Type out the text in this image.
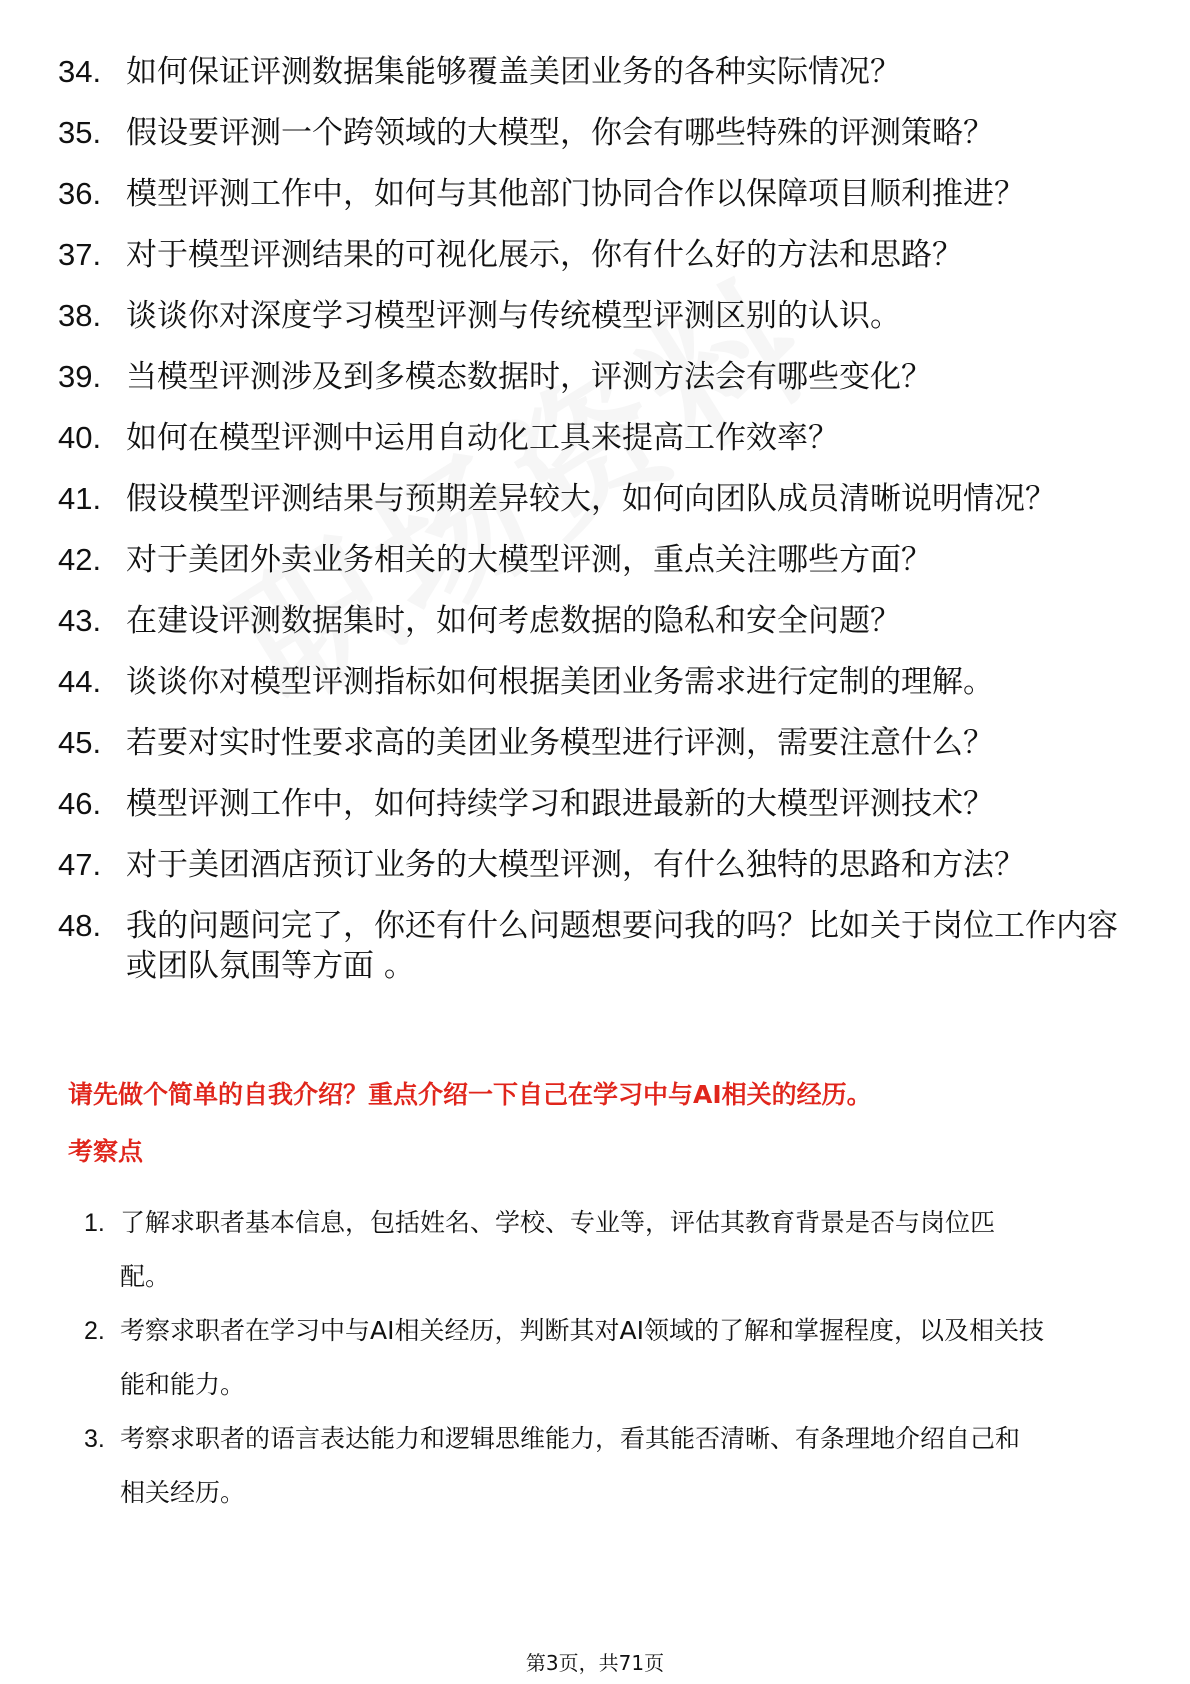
34. 如何保证评测数据集能够覆盖美团业务的各种实际情况？
35. 假设要评测一个跨领域的大模型，你会有哪些特殊的评测策略？
36. 模型评测工作中，如何与其他部门协同合作以保障项目顺利推进？
37. 对于模型评测结果的可视化展示，你有什么好的方法和思路？
38. 谈谈你对深度学习模型评测与传统模型评测区别的认识。
39. 当模型评测涉及到多模态数据时，评测方法会有哪些变化？
40. 如何在模型评测中运用自动化工具来提高工作效率？
41. 假设模型评测结果与预期差异较大，如何向团队成员清晰说明情况？
42. 对于美团外卖业务相关的大模型评测，重点关注哪些方面？
43. 在建设评测数据集时，如何考虑数据的隐私和安全问题？
44. 谈谈你对模型评测指标如何根据美团业务需求进行定制的理解。
45. 若要对实时性要求高的美团业务模型进行评测，需要注意什么？
46. 模型评测工作中，如何持续学习和跟进最新的大模型评测技术？
47. 对于美团酒店预订业务的大模型评测，有什么独特的思路和方法？
48. 我的问题问完了，你还有什么问题想要问我的吗？比如关于岗位工作内容或团队氛围等方面 。
请先做个简单的自我介绍？重点介绍一下自己在学习中与AI相关的经历。
考察点
1. 了解求职者基本信息，包括姓名、学校、专业等，评估其教育背景是否与岗位匹配。
2. 考察求职者在学习中与AI相关经历，判断其对AI领域的了解和掌握程度，以及相关技能和能力。
3. 考察求职者的语言表达能力和逻辑思维能力，看其能否清晰、有条理地介绍自己和相关经历。
第3页，共71页
